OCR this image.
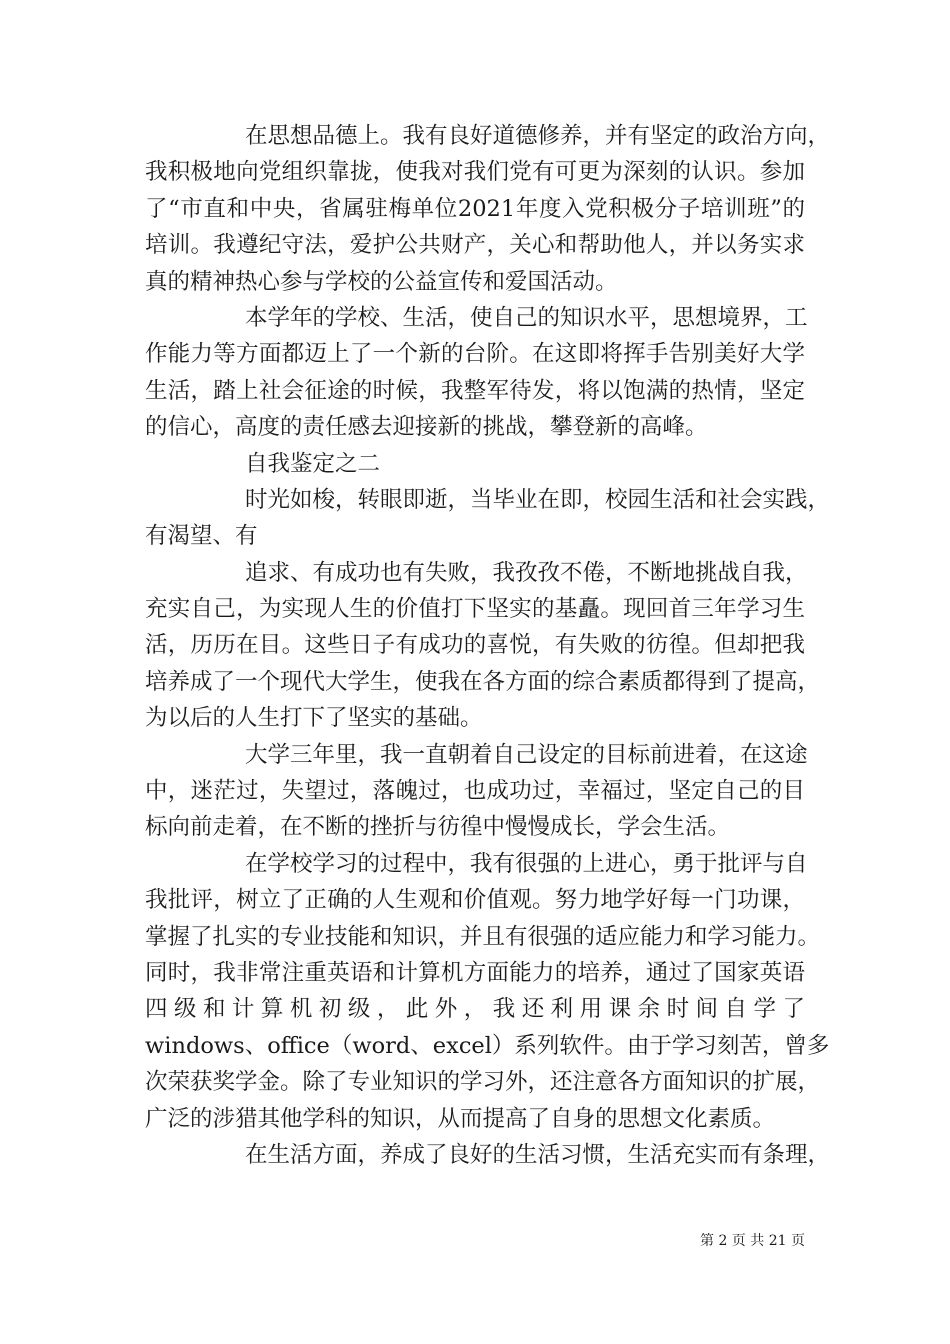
在思想品德上。我有良好道德修养，并有坚定的政治方向，
我积极地向党组织靠拢，使我对我们党有可更为深刻的认识。参加
了“市直和中央，省属驻梅单位2021年度入党积极分子培训班”的
培训。我遵纪守法，爱护公共财产，关心和帮助他人，并以务实求
真的精神热心参与学校的公益宣传和爱国活动。
本学年的学校、生活，使自己的知识水平，思想境界，工
作能力等方面都迈上了一个新的台阶。在这即将挥手告别美好大学
生活，踏上社会征途的时候，我整军待发，将以饱满的热情，坚定
的信心，高度的责任感去迎接新的挑战，攀登新的高峰。
自我鉴定之二
时光如梭，转眼即逝，当毕业在即，校园生活和社会实践，
有渴望、有
追求、有成功也有失败，我孜孜不倦，不断地挑战自我，
充实自己，为实现人生的价值打下坚实的基矗。现回首三年学习生
活，历历在目。这些日子有成功的喜悦，有失败的彷徨。但却把我
培养成了一个现代大学生，使我在各方面的综合素质都得到了提高，
为以后的人生打下了坚实的基础。
大学三年里，我一直朝着自己设定的目标前进着，在这途
中，迷茫过，失望过，落魄过，也成功过，幸福过，坚定自己的目
标向前走着，在不断的挫折与彷徨中慢慢成长，学会生活。
在学校学习的过程中，我有很强的上进心，勇于批评与自
我批评，树立了正确的人生观和价值观。努力地学好每一门功课，
掌握了扎实的专业技能和知识，并且有很强的适应能力和学习能力。
同时，我非常注重英语和计算机方面能力的培养，通过了国家英语
四级和计算机初级，此外，我还利用课余时间自学了
windows、office（word、excel）系列软件。由于学习刻苦，曾多
次荣获奖学金。除了专业知识的学习外，还注意各方面知识的扩展，
广泛的涉猎其他学科的知识，从而提高了自身的思想文化素质。
在生活方面，养成了良好的生活习惯，生活充实而有条理，
第 2 页 共 21 页
